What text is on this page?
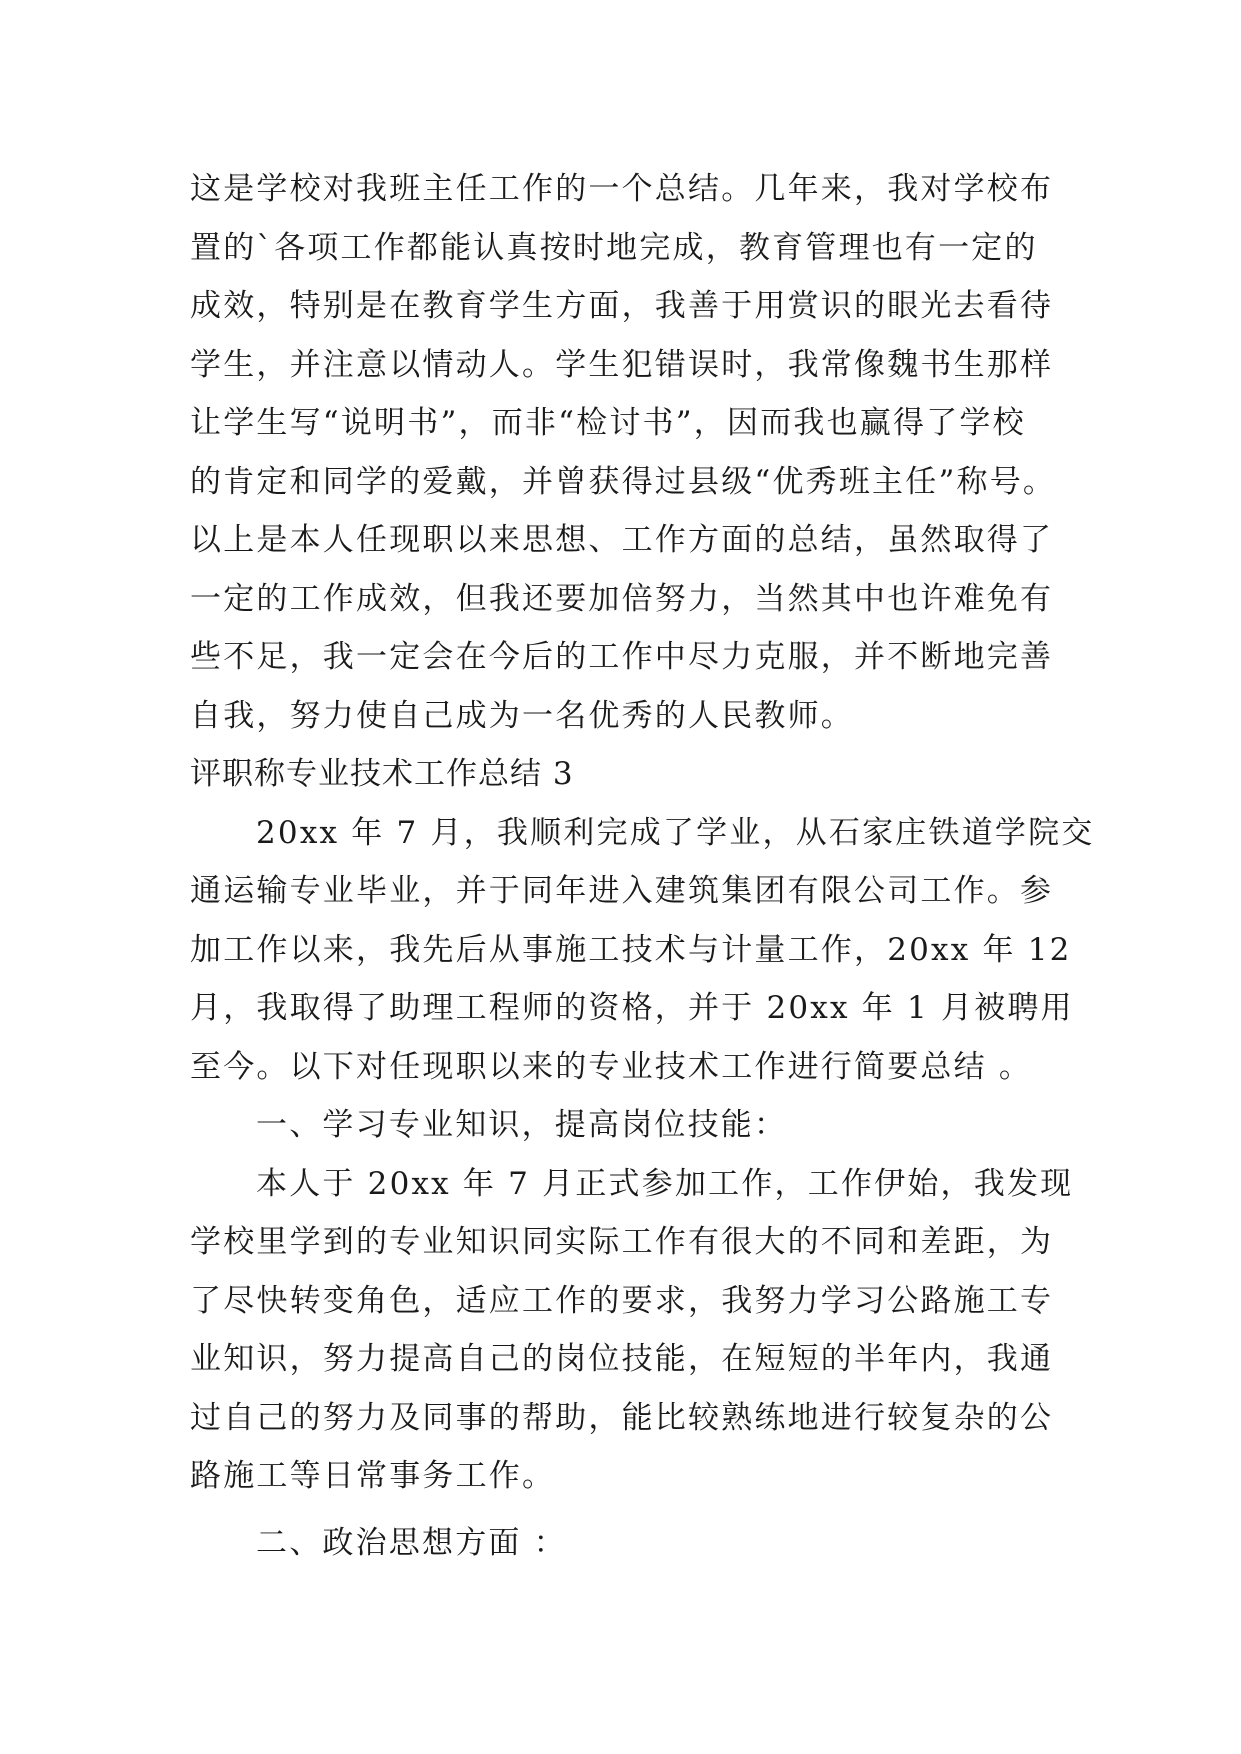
这是学校对我班主任工作的一个总结。几年来，我对学校布
置的`各项工作都能认真按时地完成，教育管理也有一定的
成效，特别是在教育学生方面，我善于用赏识的眼光去看待
学生，并注意以情动人。学生犯错误时，我常像魏书生那样
让学生写“说明书”，而非“检讨书”，因而我也赢得了学校
的肯定和同学的爱戴，并曾获得过县级“优秀班主任”称号。
以上是本人任现职以来思想、工作方面的总结，虽然取得了
一定的工作成效，但我还要加倍努力，当然其中也许难免有
些不足，我一定会在今后的工作中尽力克服，并不断地完善
自我，努力使自己成为一名优秀的人民教师。
评职称专业技术工作总结 3
20xx 年 7 月，我顺利完成了学业，从石家庄铁道学院交
通运输专业毕业，并于同年进入建筑集团有限公司工作。参
加工作以来，我先后从事施工技术与计量工作，20xx 年 12
月，我取得了助理工程师的资格，并于 20xx 年 1 月被聘用
至今。以下对任现职以来的专业技术工作进行简要总结 。
一、学习专业知识，提高岗位技能：
本人于 20xx 年 7 月正式参加工作，工作伊始，我发现
学校里学到的专业知识同实际工作有很大的不同和差距，为
了尽快转变角色，适应工作的要求，我努力学习公路施工专
业知识，努力提高自己的岗位技能，在短短的半年内，我通
过自己的努力及同事的帮助，能比较熟练地进行较复杂的公
路施工等日常事务工作。
二、政治思想方面 ：
